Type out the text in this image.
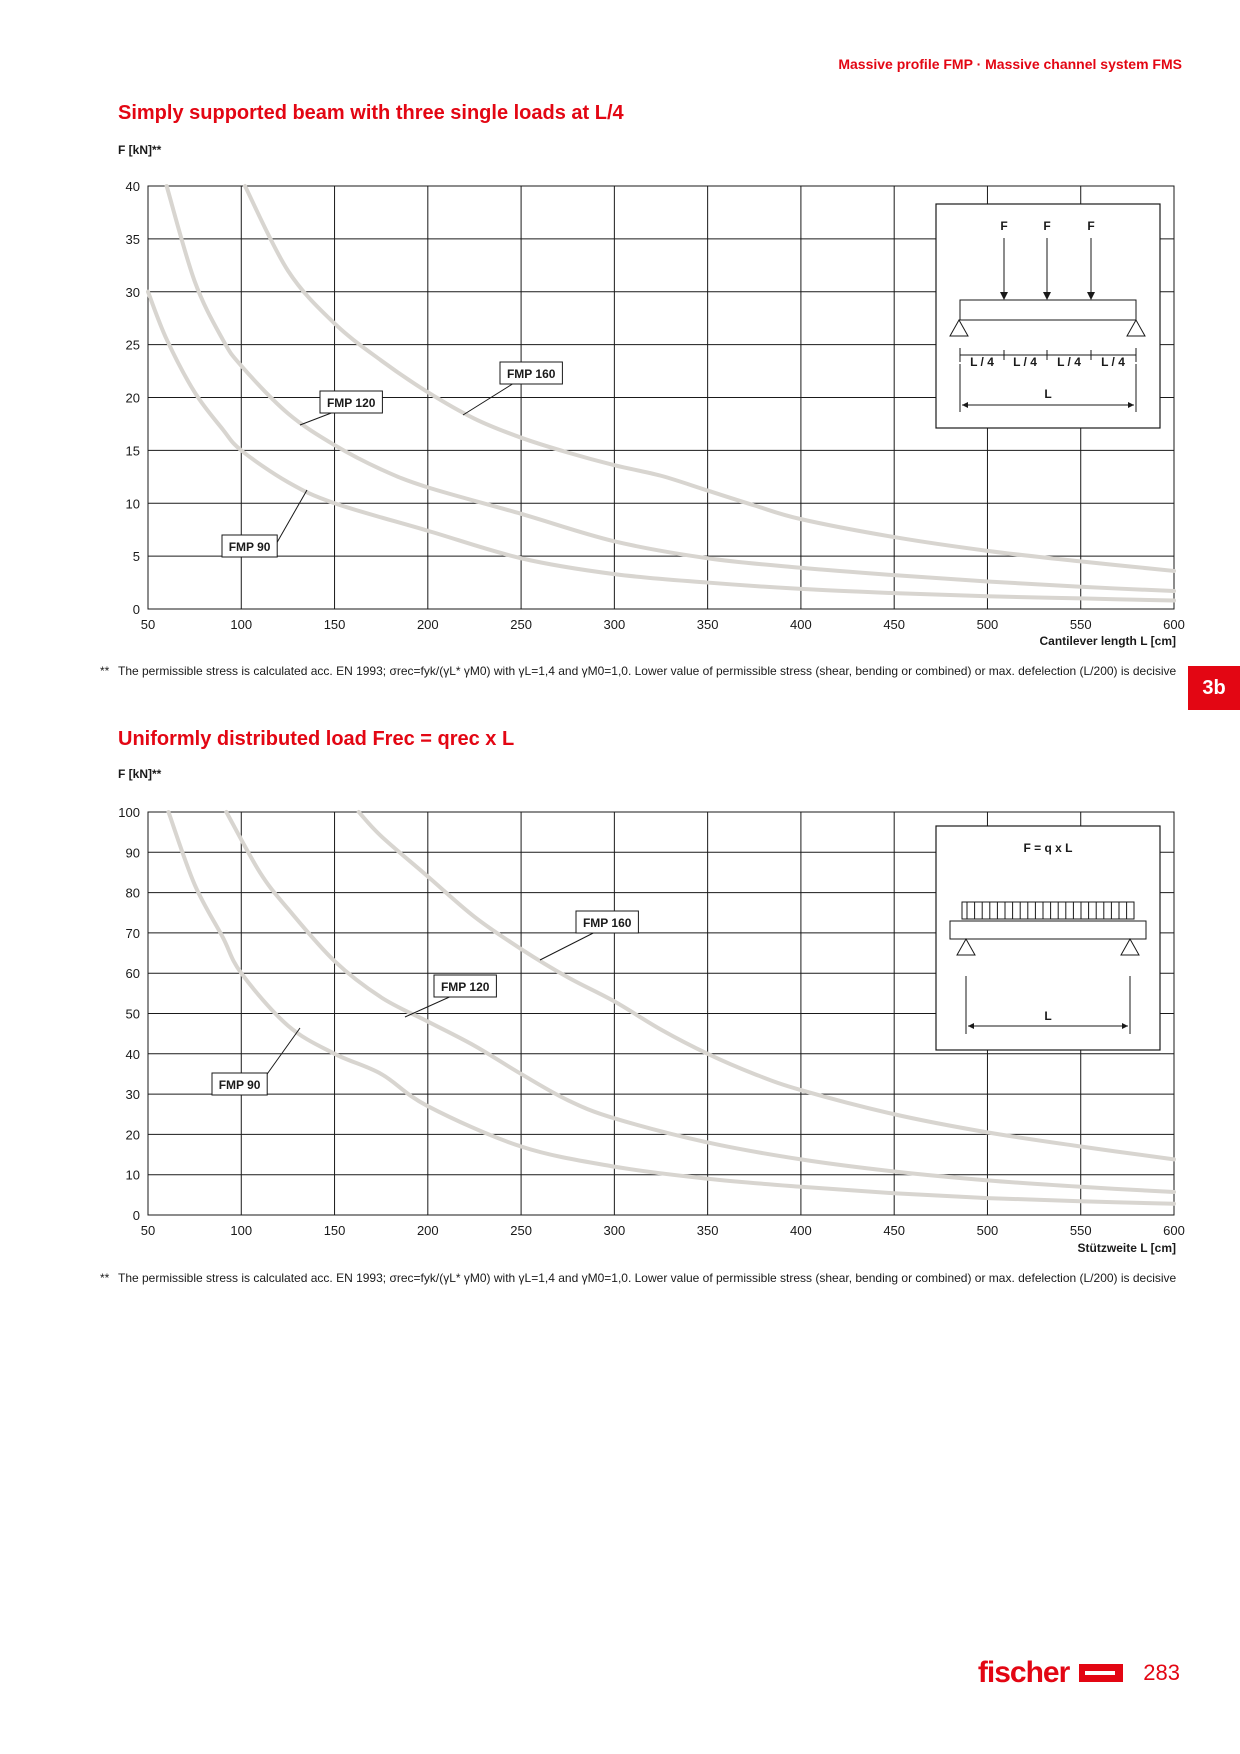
Massive profile FMP · Massive channel system FMS
Simply supported beam with three single loads at L/4
F [kN]**
Cantilever length L [cm]
50	100	150	200	250	300	350	400	450	500	550	600
0
5
10
15
20
25
30
35
40
FMP 90
FMP 120
FMP 160
F	F	F
L / 4 L / 4 L / 4 L / 4
L
** The permissible stress is calculated acc. EN 1993; σrec=fyk/(γL* γM0) with γL=1,4 and γM0=1,0. Lower value of permissible stress (shear, bending or combined) or max. defelection (L/200) is decisive
3b
Uniformly distributed load Frec = qrec x L
F [kN]**
Stützweite L [cm]
50	100	150	200	250	300	350	400	450	500	550	600
0
10
20
30
40
50
60
70
80
90
100
FMP 90
FMP 120
FMP 160
F = q x L
L
** The permissible stress is calculated acc. EN 1993; σrec=fyk/(γL* γM0) with γL=1,4 and γM0=1,0. Lower value of permissible stress (shear, bending or combined) or max. defelection (L/200) is decisive
fischer	283
